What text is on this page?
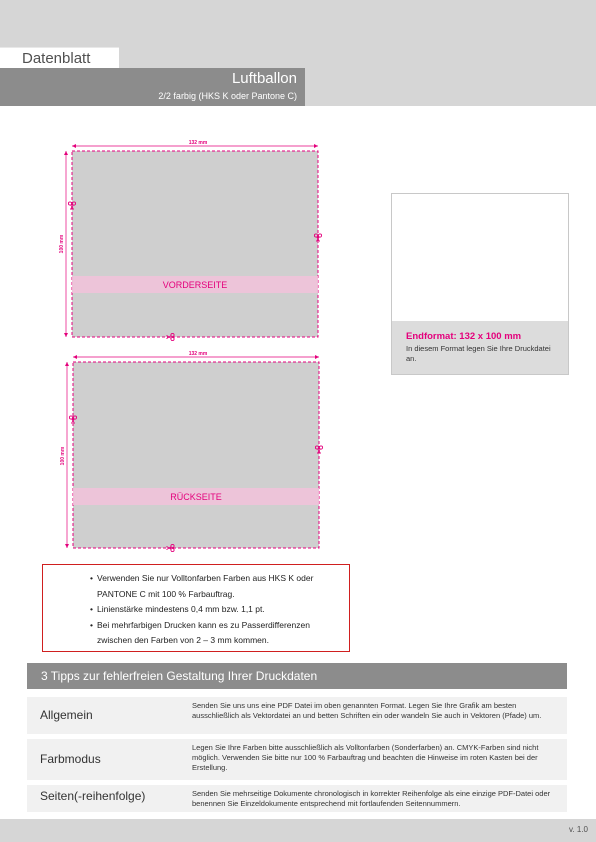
Datenblatt
Luftballon
2/2 farbig (HKS K oder Pantone C)
VORDERSEITE
132 mm
100 mm
RÜCKSEITE
132 mm
100 mm
Endformat: 132 x 100 mm
In diesem Format legen Sie Ihre Druckdatei an.
• Verwenden Sie nur Volltonfarben Farben aus HKS K oder PANTONE C mit 100 % Farbauftrag.
• Linienstärke mindestens 0,4 mm bzw. 1,1 pt.
• Bei mehrfarbigen Drucken kann es zu Passerdifferenzen zwischen den Farben von 2 – 3 mm kommen.
3 Tipps zur fehlerfreien Gestaltung Ihrer Druckdaten
Allgemein
Senden Sie uns uns eine PDF Datei im oben genannten Format. Legen Sie Ihre Grafik am besten ausschließlich als Vektordatei an und betten Schriften ein oder wandeln Sie auch in Vektoren (Pfade) um.
Farbmodus
Legen Sie Ihre Farben bitte ausschließlich als Volltonfarben (Sonderfarben) an. CMYK-Farben sind nicht möglich. Verwenden Sie bitte nur 100 % Farbauftrag und beachten die Hinweise im roten Kasten bei der Erstellung.
Seiten(-reihenfolge)	Senden Sie mehrseitige Dokumente chronologisch in korrekter Reihenfolge als eine einzige PDF-Datei oder benennen Sie Einzeldokumente entsprechend mit fortlaufenden Seitennummern.
v. 1.0
